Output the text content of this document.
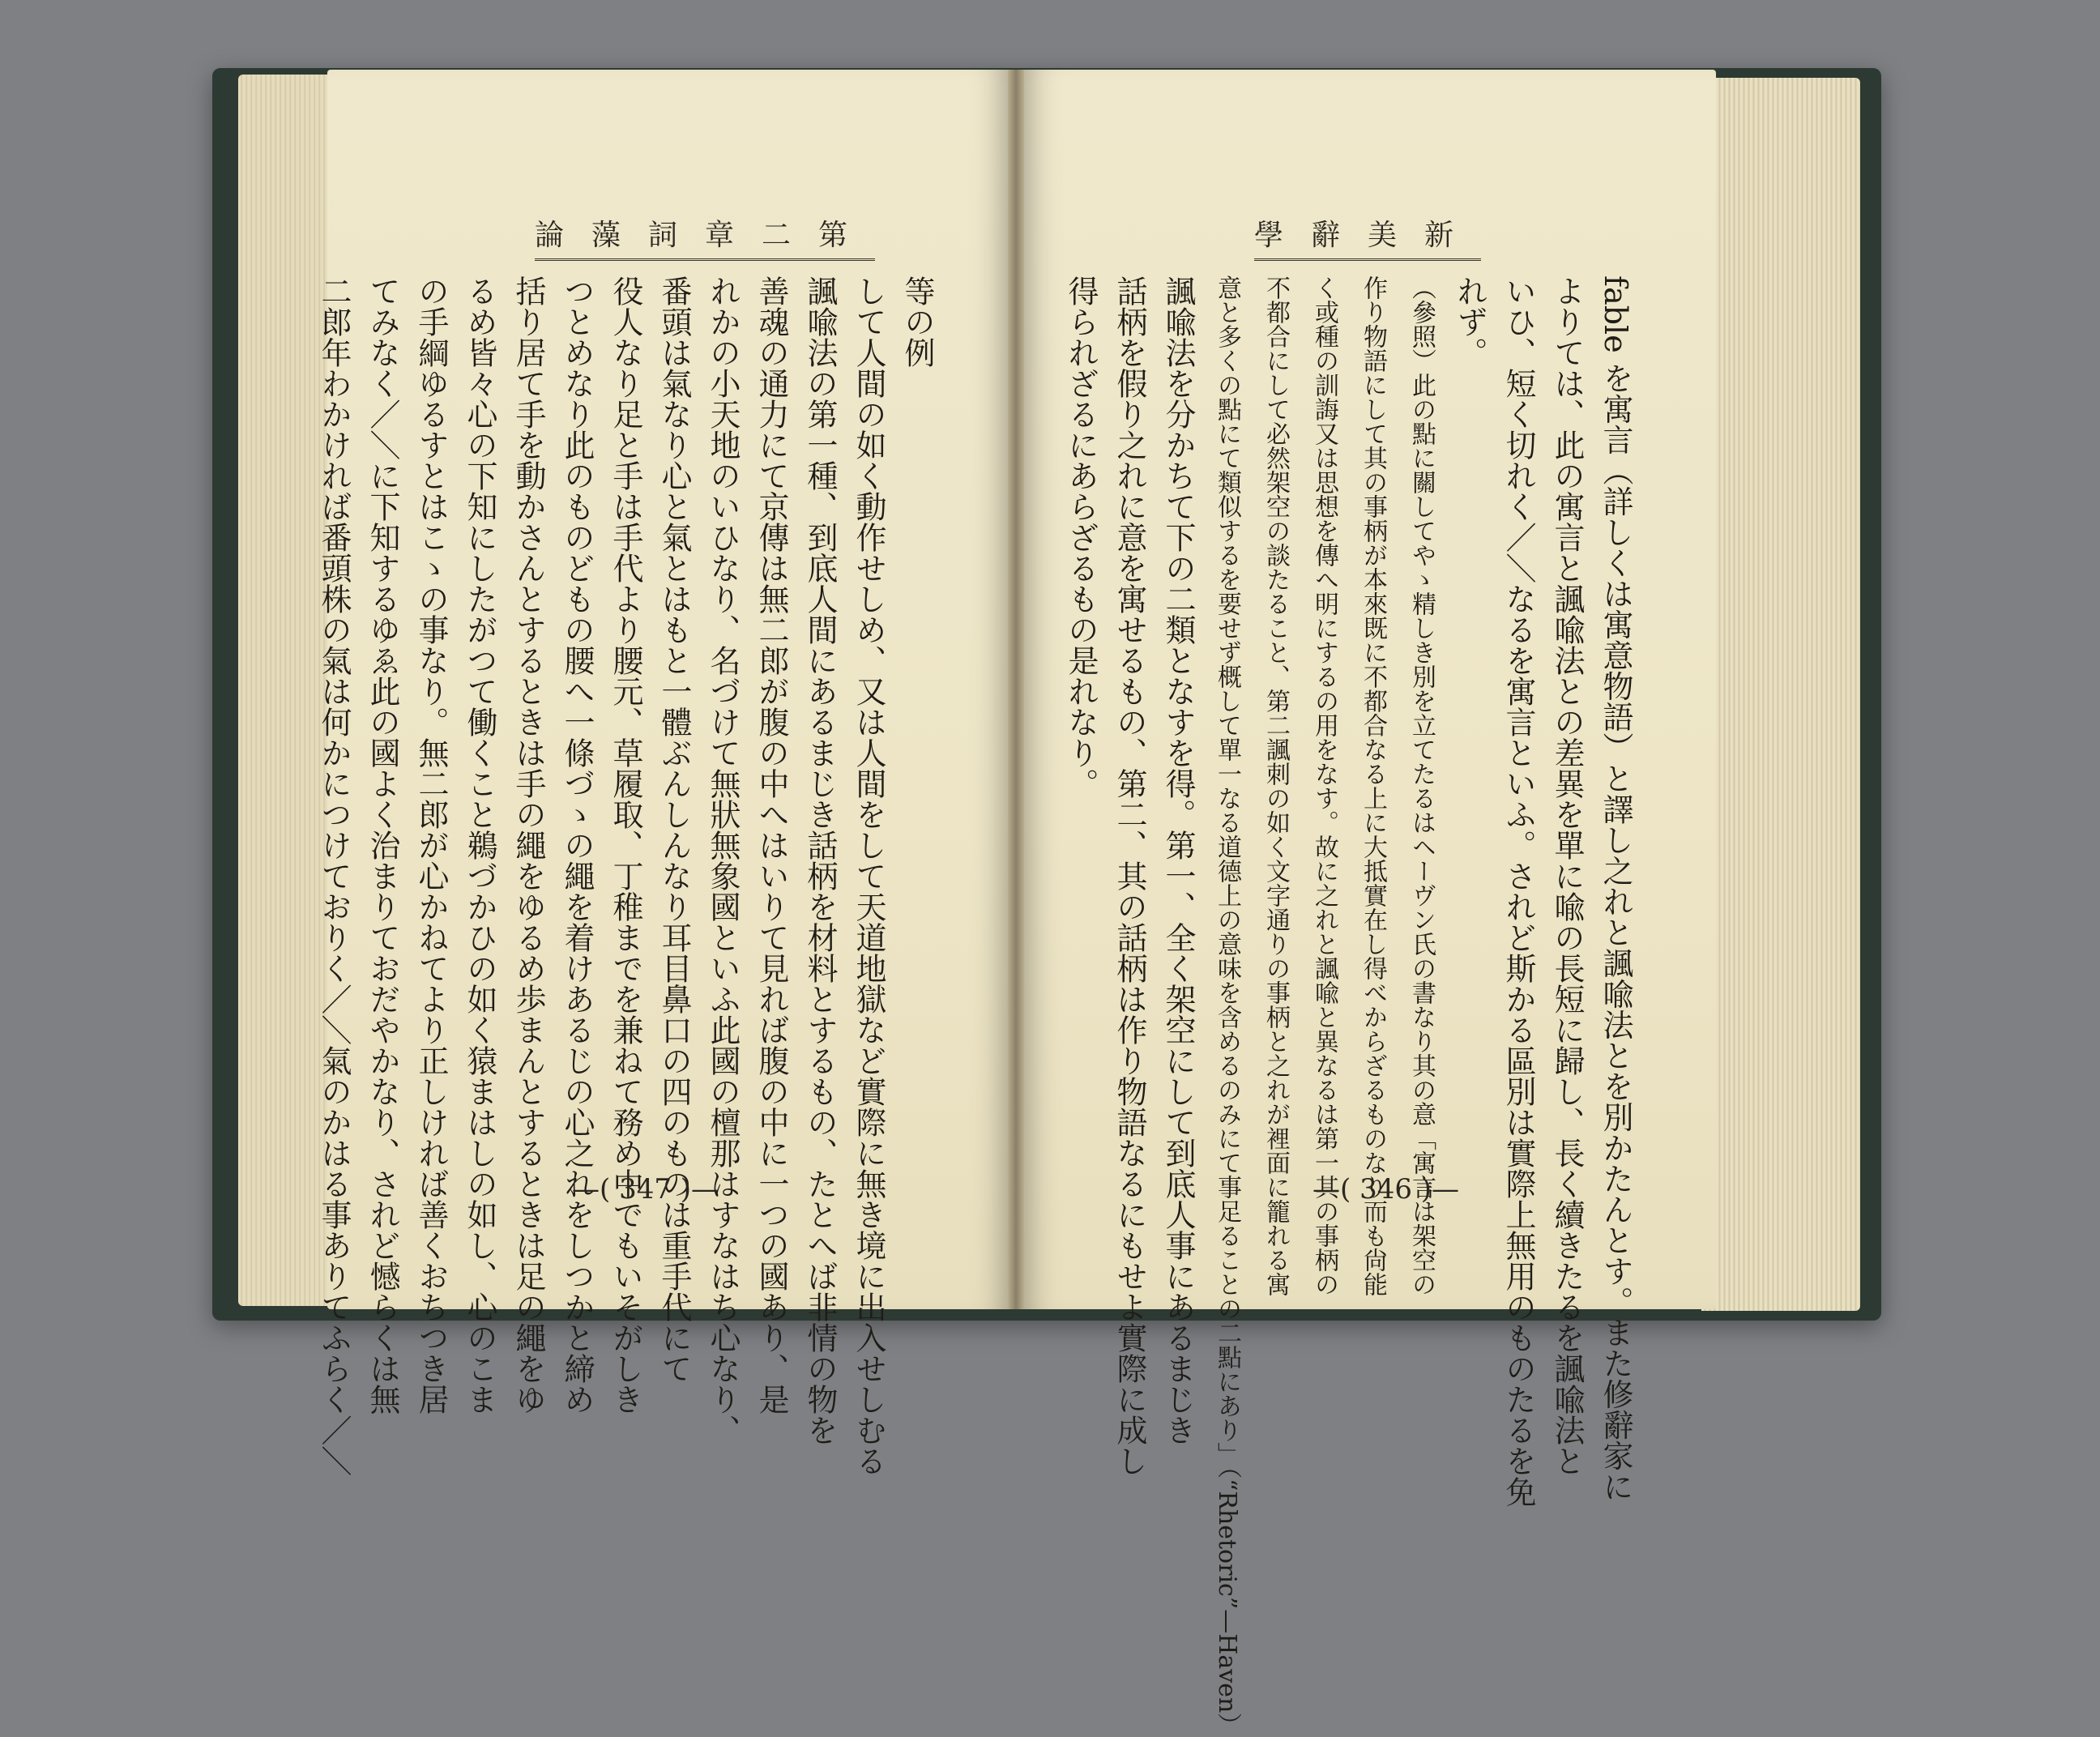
論藻詞章二第	學辭美新
等の例
して人間の如く動作せしめ、又は人間をして天道地獄など實際に無き境に出入せしむる
諷喩法の第一種、到底人間にあるまじき話柄を材料とするもの、たとへば非情の物を
善魂の通力にて京傳は無二郎が腹の中へはいりて見れば腹の中に一つの國あり、是
れかの小天地のいひなり、名づけて無狀無象國といふ此國の檀那はすなはち心なり、
番頭は氣なり心と氣とはもと一體ぶんしんなり耳目鼻口の四のものは重手代にて
役人なり足と手は手代より腰元、草履取、丁稚までを兼ねて務め中でもいそがしき
つとめなり此のものどもの腰へ一條づゝの繩を着けあるじの心之れをしつかと締め
括り居て手を動かさんとするときは手の繩をゆるめ歩まんとするときは足の繩をゆ
るめ皆々心の下知にしたがつて働くこと鵜づかひの如く猿まはしの如し、心のこま
の手綱ゆるすとはこゝの事なり。無二郎が心かねてより正しければ善くおちつき居
てみなく／＼に下知するゆゑ此の國よく治まりておだやかなり、されど憾らくは無
二郎年わかければ番頭株の氣は何かにつけておりく／＼氣のかはる事ありてふらく／＼	fable を寓言（詳しくは寓意物語）と譯し之れと諷喩法とを別かたんとす。また修辭家に
よりては、此の寓言と諷喩法との差異を單に喩の長短に歸し、長く續きたるを諷喩法と
いひ、短く切れく／＼なるを寓言といふ。されど斯かる區別は實際上無用のものたるを免
れず。
（參照）此の點に關してやゝ精しき別を立てたるはヘーヴン氏の書なり其の意「寓言は架空の
作り物語にして其の事柄が本來既に不都合なる上に大抵實在し得べからざるものなり而も尙能
く或種の訓誨又は思想を傳へ明にするの用をなす。故に之れと諷喩と異なるは第一其の事柄の
不都合にして必然架空の談たること、第二諷刺の如く文字通りの事柄と之れが裡面に籠れる寓
意と多くの點にて類似するを要せず概して單一なる道德上の意味を含めるのみにて事足ることの二點にあり」（“Rhetoric”—Haven）
諷喩法を分かちて下の二類となすを得。第一、全く架空にして到底人事にあるまじき
話柄を假り之れに意を寓せるもの、第二、其の話柄は作り物語なるにもせよ實際に成し
得られざるにあらざるもの是れなり。
—( 347 )—	—( 346 )—
